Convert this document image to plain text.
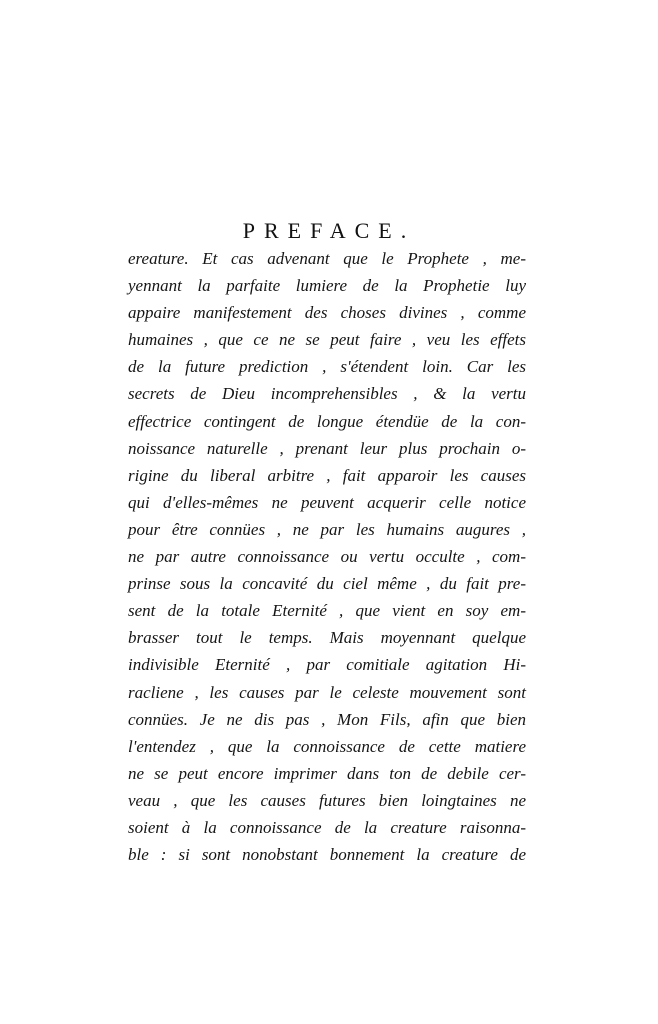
PREFACE.
ereature. Et cas advenant que le Prophete , me-
yennant la parfaite lumiere de la Prophetie luy
appaire manifestement des choses divines , comme
humaines , que ce ne se peut faire , veu les effets
de la future prediction , s'étendent loin. Car les
secrets de Dieu incomprehensibles , & la vertu
effectrice contingent de longue étendüe de la con-
noissance naturelle , prenant leur plus prochain o-
rigine du liberal arbitre , fait apparoir les causes
qui d'elles-mêmes ne peuvent acquerir celle notice
pour être connües , ne par les humains augures ,
ne par autre connoissance ou vertu occulte , com-
prinse sous la concavité du ciel même , du fait pre-
sent de la totale Eternité , que vient en soy em-
brasser tout le temps. Mais moyennant quelque
indivisible Eternité , par comitiale agitation Hi-
racliene , les causes par le celeste mouvement sont
connües. Je ne dis pas , Mon Fils, afin que bien
l'entendez , que la connoissance de cette matiere
ne se peut encore imprimer dans ton de debile cer-
veau , que les causes futures bien loingtaines ne
soient à la connoissance de la creature raisonna-
ble : si sont nonobstant bonnement la creature de
